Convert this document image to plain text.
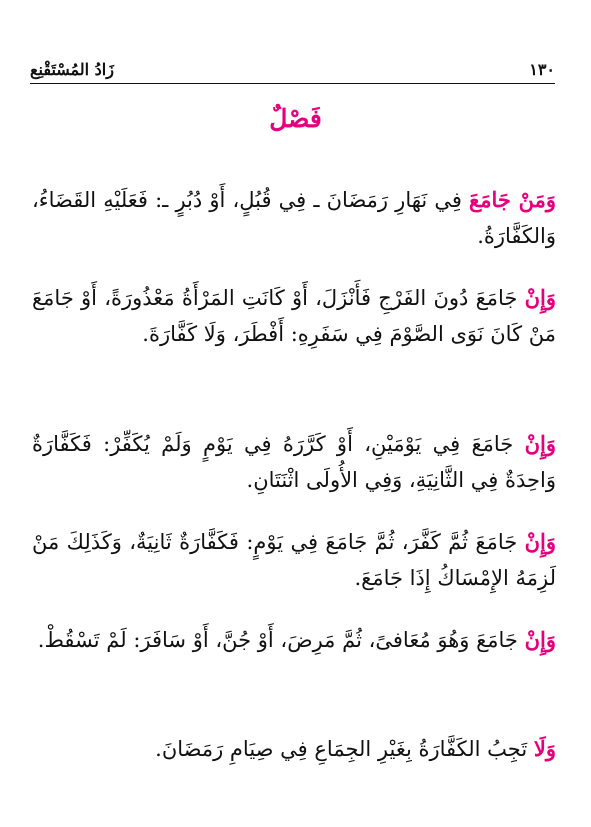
١٣٠
زَادُ المُسْتَقْنِع
فَصْلٌ

وَمَنْ جَامَعَ فِي نَهَارِ رَمَضَانَ ـ فِي قُبُلٍ، أَوْ دُبُرٍ ـ: فَعَلَيْهِ القَضَاءُ، وَالكَفَّارَةُ.

وَإِنْ جَامَعَ دُونَ الفَرْجِ فَأَنْزَلَ، أَوْ كَانَتِ المَرْأَةُ مَعْذُورَةً، أَوْ جَامَعَ مَنْ كَانَ نَوَى الصَّوْمَ فِي سَفَرِهِ: أَفْطَرَ، وَلَا كَفَّارَةَ.

وَإِنْ جَامَعَ فِي يَوْمَيْنِ، أَوْ كَرَّرَهُ فِي يَوْمٍ وَلَمْ يُكَفِّرْ: فَكَفَّارَةٌ وَاحِدَةٌ فِي الثَّانِيَةِ، وَفِي الأُولَى اثْنَتَانِ.

وَإِنْ جَامَعَ ثُمَّ كَفَّرَ، ثُمَّ جَامَعَ فِي يَوْمٍ: فَكَفَّارَةٌ ثَانِيَةٌ، وَكَذَلِكَ مَنْ لَزِمَهُ الإِمْسَاكُ إِذَا جَامَعَ.

وَإِنْ جَامَعَ وَهُوَ مُعَافىً، ثُمَّ مَرِضَ، أَوْ جُنَّ، أَوْ سَافَرَ: لَمْ تَسْقُطْ.

وَلَا تَجِبُ الكَفَّارَةُ بِغَيْرِ الجِمَاعِ فِي صِيَامِ رَمَضَانَ.
